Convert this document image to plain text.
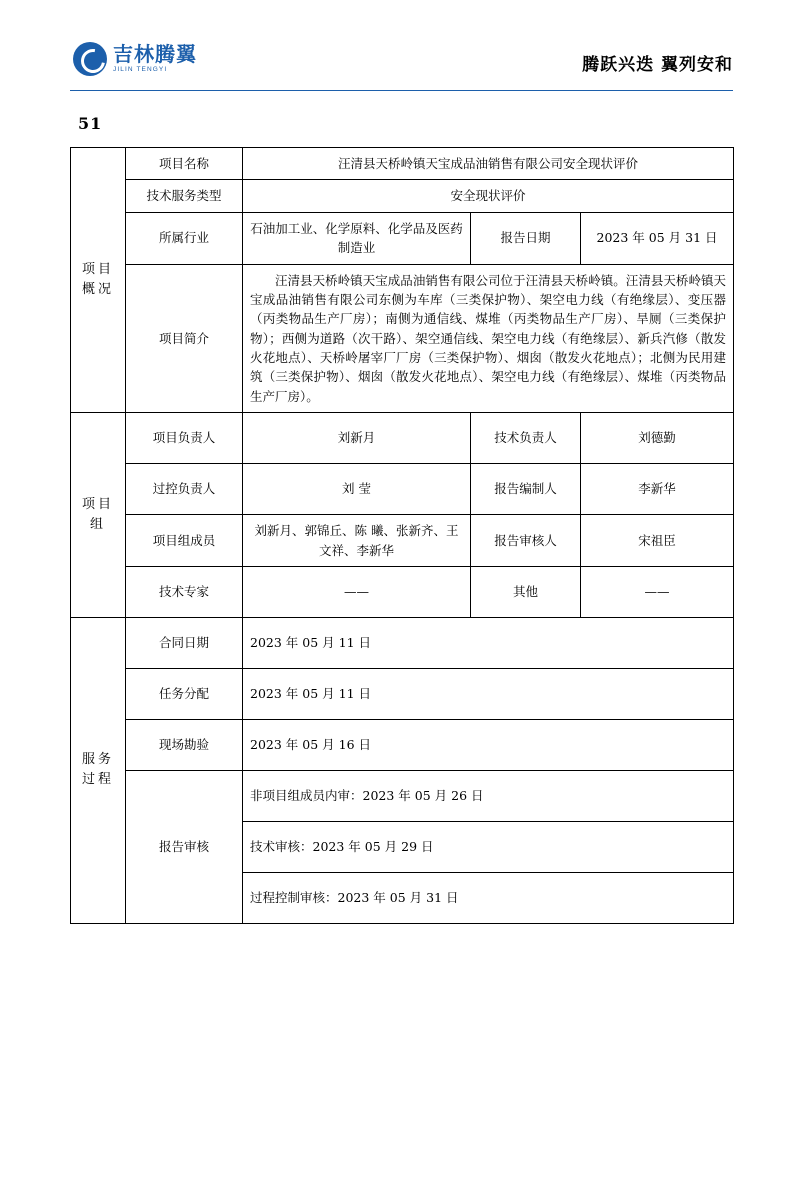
吉林腾翼
JILIN TENGYI	腾跃兴迭 翼列安和
51
项目概况	项目名称	汪清县天桥岭镇天宝成品油销售有限公司安全现状评价		
	技术服务类型	安全现状评价		
	所属行业	石油加工业、化学原料、化学品及医药制造业	报告日期	2023 年 05 月 31 日
	项目简介	汪清县天桥岭镇天宝成品油销售有限公司位于汪清县天桥岭镇。汪清县天桥岭镇天宝成品油销售有限公司东侧为车库（三类保护物）、架空电力线（有绝缘层）、变压器（丙类物品生产厂房）；南侧为通信线、煤堆（丙类物品生产厂房）、旱厕（三类保护物）；西侧为道路（次干路）、架空通信线、架空电力线（有绝缘层）、新兵汽修（散发火花地点）、天桥岭屠宰厂厂房（三类保护物）、烟囱（散发火花地点）；北侧为民用建筑（三类保护物）、烟囱（散发火花地点）、架空电力线（有绝缘层）、煤堆（丙类物品生产厂房）。		

项目组	项目负责人	刘新月	技术负责人	刘德勤
	过控负责人	刘 莹	报告编制人	李新华
	项目组成员	刘新月、郭锦丘、陈 曦、张新齐、王文祥、李新华	报告审核人	宋祖臣
	技术专家	——	其他	——

服务过程	合同日期	2023 年 05 月 11 日		
	任务分配	2023 年 05 月 11 日		
	现场勘验	2023 年 05 月 16 日		
	报告审核	非项目组成员内审：2023 年 05 月 26 日		
		技术审核：2023 年 05 月 29 日		
		过程控制审核：2023 年 05 月 31 日		
